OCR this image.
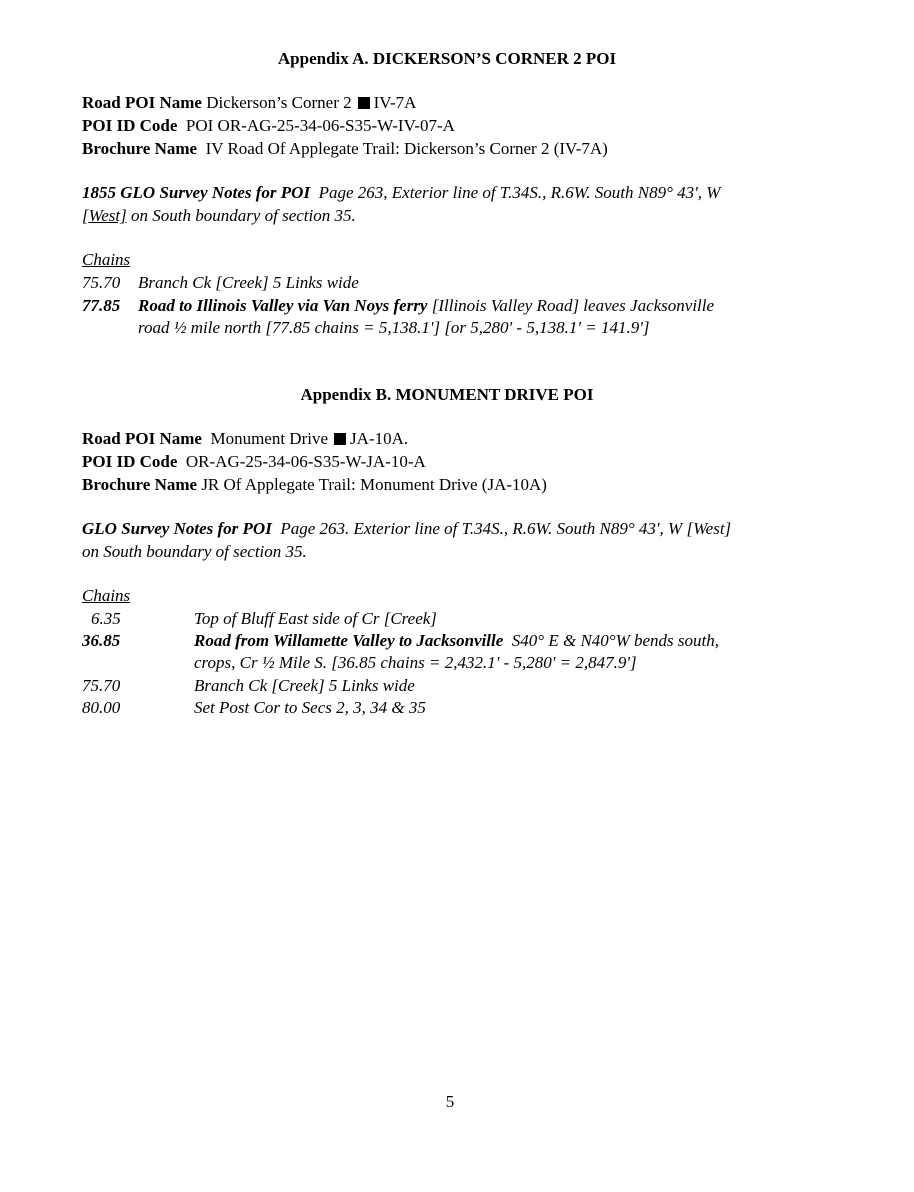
Appendix A. DICKERSON’S CORNER 2 POI
Road POI Name Dickerson’s Corner 2 IV-7A
POI ID Code POI OR-AG-25-34-06-S35-W-IV-07-A
Brochure Name IV Road Of Applegate Trail: Dickerson’s Corner 2 (IV-7A)
1855 GLO Survey Notes for POI Page 263, Exterior line of T.34S., R.6W. South N89° 43', W
[West] on South boundary of section 35.
Chains
75.70 Branch Ck [Creek] 5 Links wide
77.85 Road to Illinois Valley via Van Noys ferry [Illinois Valley Road] leaves Jacksonville
road ½ mile north [77.85 chains = 5,138.1'] [or 5,280' - 5,138.1' = 141.9']
Appendix B. MONUMENT DRIVE POI
Road POI Name Monument Drive JA-10A.
POI ID Code OR-AG-25-34-06-S35-W-JA-10-A
Brochure Name JR Of Applegate Trail: Monument Drive (JA-10A)
GLO Survey Notes for POI Page 263. Exterior line of T.34S., R.6W. South N89° 43', W [West]
on South boundary of section 35.
Chains
6.35	Top of Bluff East side of Cr [Creek]
36.85	Road from Willamette Valley to Jacksonville S40° E & N40°W bends south,
crops, Cr ½ Mile S. [36.85 chains = 2,432.1' - 5,280' = 2,847.9']
75.70	Branch Ck [Creek] 5 Links wide
80.00	Set Post Cor to Secs 2, 3, 34 & 35
5
